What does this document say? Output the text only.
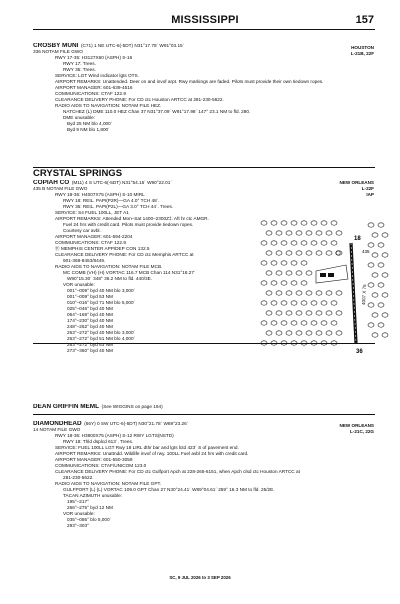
MISSISSIPPI	157
HOUSTON
L-21B, 22F
CROSBY MUNI (C71) 1 NE UTC-6(-5DT) N31°17.78´ W91°03.15´
336 NOTAM FILE GWO
RWY 17-35: H3127X60 (ASPH) S-16
RWY 17: Trees.
RWY 35: Trees.
SERVICE: LGT Wind indicator lgts OTS.
AIRPORT REMARKS: Unattended. Deer on and invof arpt. Rwy markings are faded. Pilots must provide their own tiedown ropes.
AIRPORT MANAGER: 601-639-4516
COMMUNICATIONS: CTAF 122.9
CLEARANCE DELIVERY PHONE: For CD ctc Houston ARTCC at 281-230-5622.
RADIO AIDS TO NAVIGATION: NOTAM FILE HEZ.
NATCHEZ (L) DME 110.0 HEZ Chan 37 N31°37.09´ W91°17.98´ 147° 23.1 NM to fld. 280.
DME unusable:
Byd 25 NM blo 4,000´
Byd 9 NM blo 1,800´
CRYSTAL SPRINGS
NEW ORLEANS
L-22F
IAP
COPIAH CO (M11) 4 S UTC-6(-5DT) N31°54.15´ W90°22.01´
435 B NOTAM FILE GWO
RWY 18-36: H4007X75 (ASPH) S-10 MIRL
RWY 18: REIL. PAPI(P2R)—GA 4.0° TCH 48´.
RWY 36: REIL. PAPI(P2L)—GA 3.0° TCH 44´. Trees.
SERVICE: S4 FUEL 100LL, JET A1
AIRPORT REMARKS: Attended Mon–Sat 1400–2300Z‡. Aft hr ctc AMGR.
Fuel 24 hrs with credit card. Pilots must provide tiedown ropes.
Courtesy car avbl.
AIRPORT MANAGER: 601-594-2204
COMMUNICATIONS: CTAF 122.9
Ⓡ MEMPHIS CENTER APP/DEP CON 132.5
CLEARANCE DELIVERY PHONE: For CD ctc Memphis ARTCC at
901-368-8453/8449.
RADIO AIDS TO NAVIGATION: NOTAM FILE MCB.
MC COMB (VH) (H) VORTAC 116.7 MCB Chan 114 N31°18.27´
W90°15.30´ 348° 36.2 NM to fld. 440/3E.
VOR unusable:
001°–009° byd 40 NM blo 3,000´
001°–009° byd 53 NM
010°–016° byd 71 NM blo 5,000´
025°–046° byd 40 NM
064°–169° byd 40 NM
174°–230° byd 40 NM
248°–262° byd 40 NM
263°–272° byd 40 NM blo 3,000´
263°–272° byd 51 NM blo 4,000´
263°–272° byd 63 NM
273°–360° byd 40 NM
18
36
4007 X 75
435
DEAN GRIFFIN MEML (See WIGGINS on page 194)
NEW ORLEANS
L-21C, 22G
DIAMONDHEAD (66Y) 0 SW UTC-6(-5DT) N30°21.78´ W89°23.26´
14 NOTAM FILE GWO
RWY 18-36: H3800X75 (ASPH) S-12 RWY LGTS(NSTD)
RWY 18: Thld dsplcd 613´. Trees.
SERVICE: FUEL 100LL LGT Rwy 18 LIRL dthr bar and lgts lctd 423´ S of pavement end.
AIRPORT REMARKS: Unattndd. Wildlife invof of rwy. 100LL Fuel avbl 24 hrs with credit card.
AIRPORT MANAGER: 601-550-3059
COMMUNICATIONS: CTAF/UNICOM 123.0
CLEARANCE DELIVERY PHONE: For CD ctc Gulfport Apch at 228-265-6151, when Apch clsd ctc Houston ARTCC at
281-230-5622.
RADIO AIDS TO NAVIGATION: NOTAM FILE GPT.
GULFPORT (L) (L) VORTAC 109.0 GPT Chan 27 N30°24.41´ W89°04.61´ 259° 16.3 NM to fld. 25/2E.
TACAN AZIMUTH unusable:
195°–217°
266°–275° byd 12 NM
VOR unusable:
035°–086° blo 5,000´
293°–303°
SC, 9 JUL 2026 to 3 SEP 2026
